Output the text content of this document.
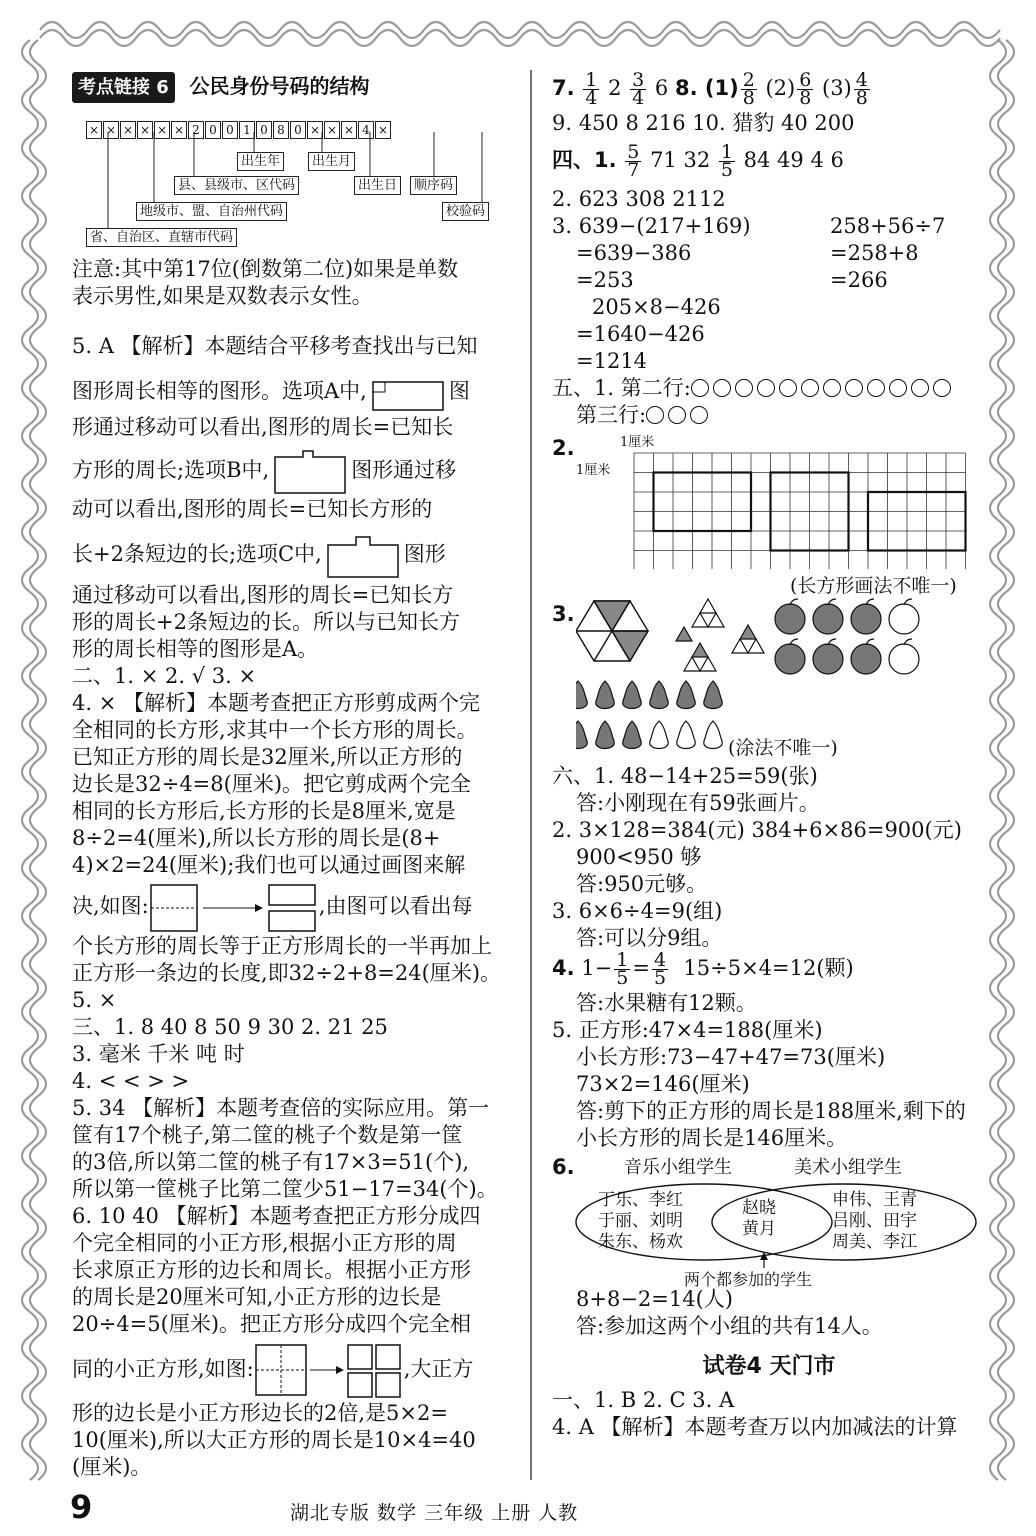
考点链接 6 公民身份号码的结构
× × × × × × 2 0 0 1 0 8 0 × × × 4 ×
出生年	出生月
县、县级市、区代码	出生日	顺序码
地级市、盟、自治州代码	校验码
省、自治区、直辖市代码
注意:其中第17位(倒数第二位)如果是单数
表示男性,如果是双数表示女性。
5. A 【解析】本题结合平移考查找出与已知
图形周长相等的图形。选项A中,	图
形通过移动可以看出,图形的周长=已知长
方形的周长;选项B中,	图形通过移
动可以看出,图形的周长=已知长方形的
长+2条短边的长;选项C中,	图形
通过移动可以看出,图形的周长=已知长方
形的周长+2条短边的长。所以与已知长方
形的周长相等的图形是A。
二、1. × 2. √ 3. ×
4. × 【解析】本题考查把正方形剪成两个完
全相同的长方形,求其中一个长方形的周长。
已知正方形的周长是32厘米,所以正方形的
边长是32÷4=8(厘米)。把它剪成两个完全
相同的长方形后,长方形的长是8厘米,宽是
8÷2=4(厘米),所以长方形的周长是(8+
4)×2=24(厘米);我们也可以通过画图来解
决,如图:	,由图可以看出每
个长方形的周长等于正方形周长的一半再加上
正方形一条边的长度,即32÷2+8=24(厘米)。
5. ×
三、1. 8 40 8 50 9 30 2. 21 25
3. 毫米 千米 吨 时
4. < < > >
5. 34 【解析】本题考查倍的实际应用。第一
筐有17个桃子,第二筐的桃子个数是第一筐
的3倍,所以第二筐的桃子有17×3=51(个),
所以第一筐桃子比第二筐少51−17=34(个)。
6. 10 40 【解析】本题考查把正方形分成四
个完全相同的小正方形,根据小正方形的周
长求原正方形的边长和周长。根据小正方形
的周长是20厘米可知,小正方形的边长是
20÷4=5(厘米)。把正方形分成四个完全相
同的小正方形,如图:	,大正方
形的边长是小正方形边长的2倍,是5×2=
10(厘米),所以大正方形的周长是10×4=40
(厘米)。
7. $\frac{1}{4} 2 \frac{3}{4} 6$ 8. $(1) \frac{2}{8} (2) \frac{6}{8} (3) \frac{4}{8}$
9. 450 8 216 10. 猎豹 40 200
四、1. $\frac{5}{7} 71$ $32 \frac{1}{5} 84$ 49 4 6
2. 623 308 2112
3. 639−(217+169)
=639−386
=253
205×8−426
=1640−426
=1214
258+56÷7
=258+8
=266
五、1. 第二行:
第三行:
2.	1厘米
1厘米
(长方形画法不唯一)
3.
(涂法不唯一)
六、1. 48−14+25=59(张)
答:小刚现在有59张画片。
2. 3×128=384(元) 384+6×86=900(元)
900<950 够
答:950元够。
3. 6×6÷4=9(组)
答:可以分9组。
4. $1- \frac{1}{5} = \frac{4}{5} 15\div 5\times 4=12$(颗)
答:水果糖有12颗。
5. 正方形:47×4=188(厘米)
小长方形:73−47+47=73(厘米)
73×2=146(厘米)
答:剪下的正方形的周长是188厘米,剩下的
小长方形的周长是146厘米。
6.	音乐小组学生	美术小组学生
丁乐、李红
于丽、刘明
朱东、杨欢
赵晓
黄月
申伟、王青
吕刚、田宇
周美、李江
两个都参加的学生
8+8−2=14(人)
答:参加这两个小组的共有14人。
试卷4 天门市
一、1. B 2. C 3. A
4. A 【解析】本题考查万以内加减法的计算
9	湖北专版 数学 三年级 上册 人教
